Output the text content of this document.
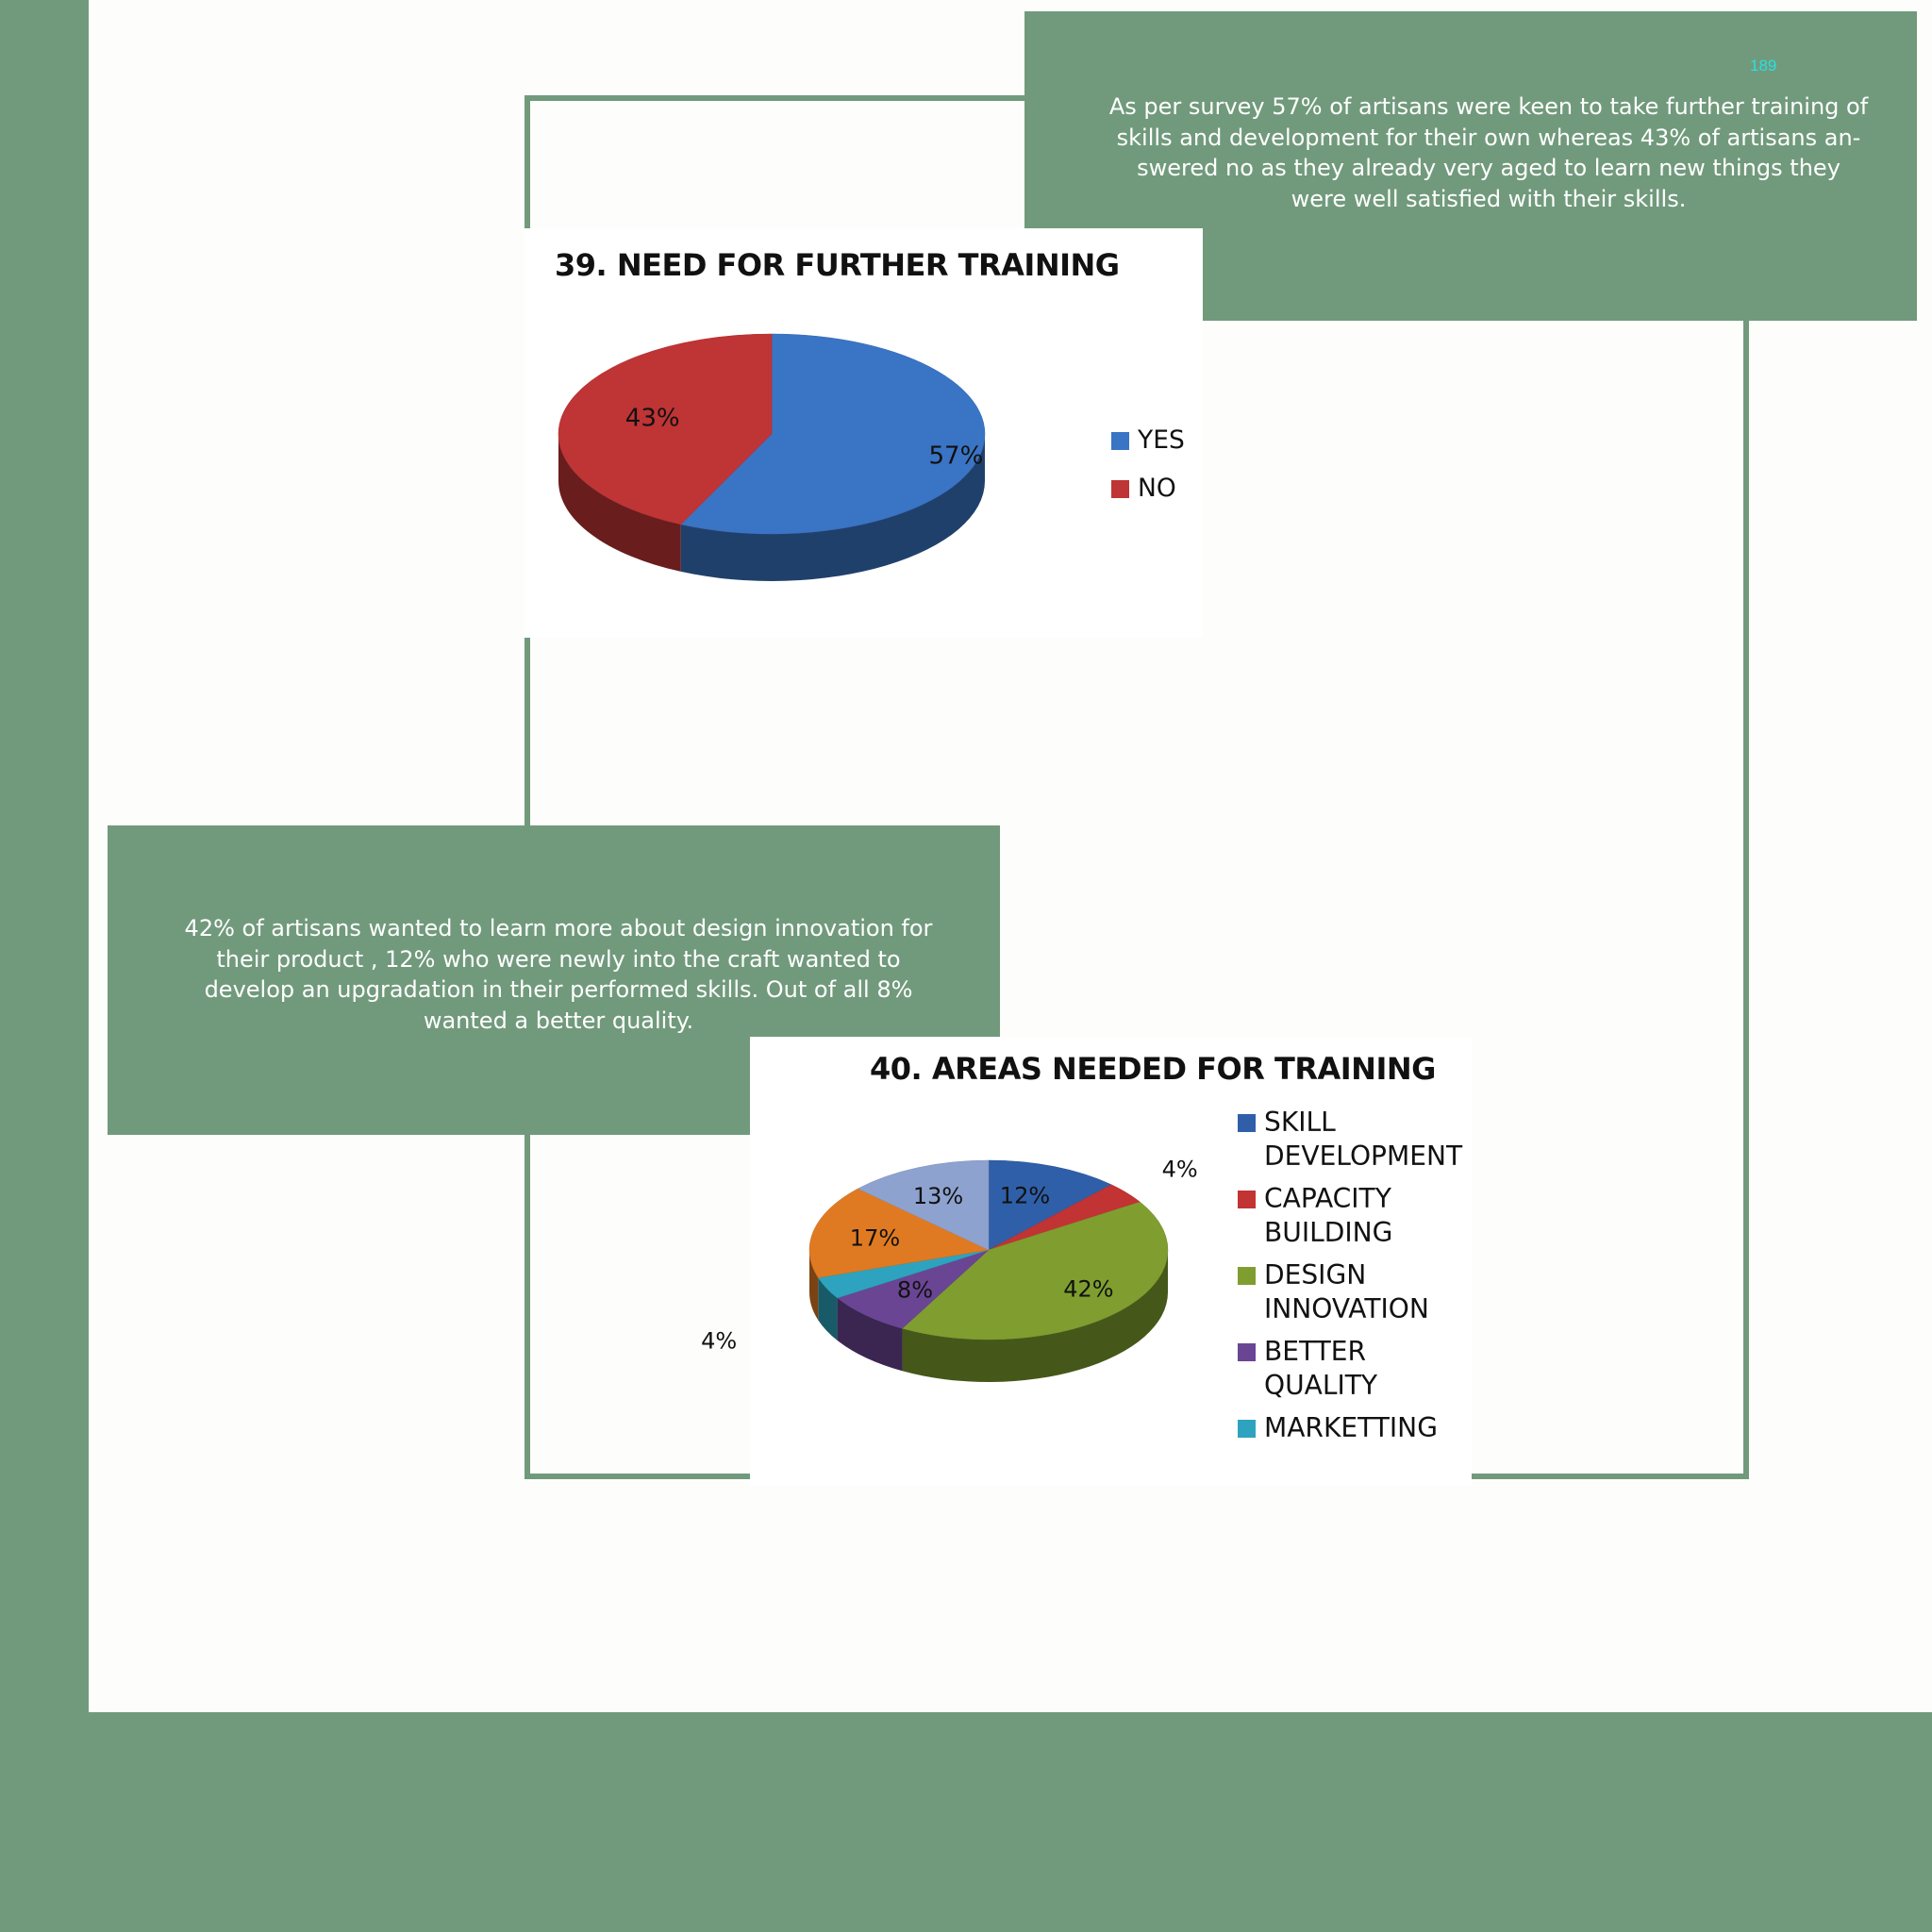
189
As per survey 57% of artisans were keen to take further training of skills and development for their own whereas 43% of artisans an-swered no as they already very aged to learn new things they were well satisfied with their skills.
39. NEED FOR FURTHER TRAINING
57%
43%
YES
NO
42% of artisans wanted to learn more about design innovation for their product , 12% who were newly into the craft wanted to develop an upgradation in their performed skills. Out of all 8% wanted a better quality.
40. AREAS NEEDED FOR TRAINING
12%
4%
42%
8%
4%
17%
13%
SKILL
DEVELOPMENT
CAPACITY
BUILDING
DESIGN
INNOVATION
BETTER QUALITY
MARKETTING
